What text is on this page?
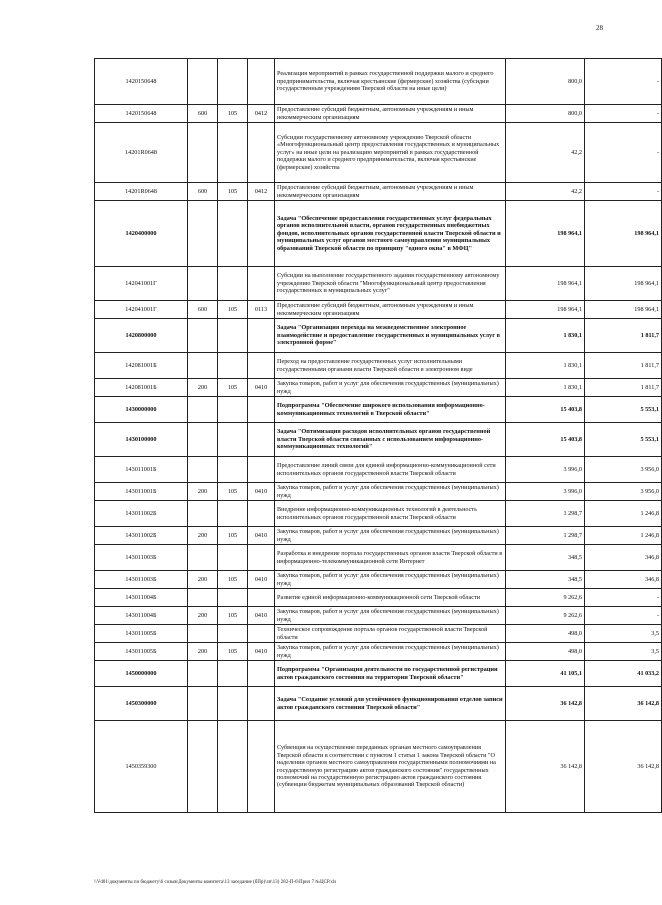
28
1420150648				Реализация мероприятий в рамках государственной поддержки малого и среднего предпринимательства, включая крестьянские (фермерские) хозяйства (субсидии государственным учреждениям Тверской области на иные цели)	800,0	-
1420150648	600	105	0412	Предоставление субсидий бюджетным, автономным учреждениям и иным некоммерческим организациям	800,0	-
14201R0648				Субсидии государственному автономному учреждению Тверской области «Многофункциональный центр предоставления государственных и муниципальных услуг» на иные цели на реализацию мероприятий в рамках государственной поддержки малого и среднего предпринимательства, включая крестьянские (фермерские) хозяйства	42,2	-
14201R0648	600	105	0412	Предоставление субсидий бюджетным, автономным учреждениям и иным некоммерческим организациям	42,2	-
1420400000				Задача "Обеспечение предоставления государственных услуг федеральных органов исполнительной власти, органов государственных внебюджетных фондов, исполнительных органов государственной власти Тверской области и муниципальных услуг органов местного самоуправления муниципальных образований Тверской области по принципу "одного окна" в МФЦ"	198 964,1	198 964,1
142041001Г				Субсидии на выполнение государственного задания государственному автономному учреждению Тверской области "Многофункциональный центр предоставления государственных и муниципальных услуг"	198 964,1	198 964,1
142041001Г	600	105	0113	Предоставление субсидий бюджетным, автономным учреждениям и иным некоммерческим организациям	198 964,1	198 964,1
1420800000				Задача "Организация перехода на межведомственное электронное взаимодействие и предоставление государственных и муниципальных услуг в электронной форме"	1 830,1	1 811,7
142081001Б				Переход на предоставление государственных услуг исполнительными государственными органами власти Тверской области в электронном виде	1 830,1	1 811,7
142081001Б	200	105	0410	Закупка товаров, работ и услуг для обеспечения государственных (муниципальных) нужд	1 830,1	1 811,7
1430000000				Подпрограмма "Обеспечение широкого использования информационно-коммуникационных технологий в Тверской области"	15 403,8	5 553,1
1430100000				Задача "Оптимизация расходов исполнительных органов государственной власти Тверской области связанных с использованием информационно-коммуникационных технологий"	15 403,8	5 553,1
143011001Б				Предоставление линий связи для единой информационно-коммуникационной сети исполнительных органов государственной власти Тверской области	3 996,0	3 956,0
143011001Б	200	105	0410	Закупка товаров, работ и услуг для обеспечения государственных (муниципальных) нужд	3 996,0	3 956,0
143011002Б				Внедрение информационно-коммуникационных технологий в деятельность исполнительных органов государственной власти Тверской области	1 298,7	1 246,8
143011002Б	200	105	0410	Закупка товаров, работ и услуг для обеспечения государственных (муниципальных) нужд	1 298,7	1 246,8
143011003Б				Разработка и внедрение портала государственных органов власти Тверской области в информационно-телекоммуникационной сети Интернет	348,5	346,8
143011003Б	200	105	0410	Закупка товаров, работ и услуг для обеспечения государственных (муниципальных) нужд	348,5	346,8
143011004Б				Развитие единой информационно-коммуникационной сети Тверской области	9 262,6	-
143011004Б	200	105	0410	Закупка товаров, работ и услуг для обеспечения государственных (муниципальных) нужд	9 262,6	-
143011005Б				Техническое сопровождение портала органов государственной власти Тверской области	498,0	3,5
143011005Б	200	105	0410	Закупка товаров, работ и услуг для обеспечения государственных (муниципальных) нужд	498,0	3,5
1450000000				Подпрограмма "Организация деятельности по государственной регистрации актов гражданского состояния на территории Тверской области"	41 105,1	41 033,2
1450300000				Задача "Создание условий для устойчивого функционирования отделов записи актов гражданского состояния Тверской области"	36 142,8	36 142,8
1450359300				Субвенция на осуществление переданных органам местного самоуправления Тверской области в соответствии с пунктом 1 статьи 1 закона Тверской области "О наделении органов местного самоуправления государственными полномочиями на государственную регистрацию актов гражданского состояния" государственных полномочий на государственную регистрацию актов гражданского состояния (субвенции бюджетам муниципальных образований Тверской области)	36 142,8	36 142,8
\\Vd01\документы по бюджету\6 созыв\Документы комитета\13 заседание (бПр)\зп\13) 282-П-6\Прил 7 №ЦСР.xls
